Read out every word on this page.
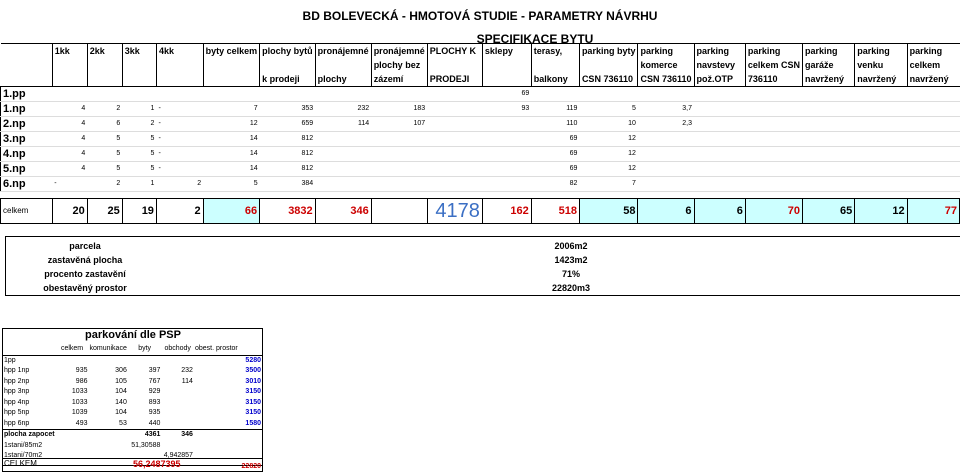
BD BOLEVECKÁ - HMOTOVÁ STUDIE - PARAMETRY NÁVRHU
SPECIFIKACE BYTU
	1kk	2kk	3kk	4kk	byty celkem	plochy bytů	pronájemné	pronájemné	PLOCHY K	sklepy	terasy,	parking byty	parking	parking	parking	parking	parking	parking
								plochy bez					komerce	navstevy	celkem CSN	garáže	venku	celkem
						k prodeji	plochy	zázemí	PRODEJI		balkony	CSN 736110	CSN 736110	pož.OTP	736110	navržený	navržený	navržený
1.pp										69								
1.np	4	2	1	-	7	353	232	183		93	119	5	3,7					
2.np	4	6	2	-	12	659	114	107			110	10	2,3					
3.np	4	5	5	-	14	812					69	12						
4.np	4	5	5	-	14	812					69	12						
5.np	4	5	5	-	14	812					69	12						
6.np	-	2	1	2	5	384					82	7						

celkem	20	25	19	2	66	3832	346		4178	162	518	58	6	6	70	65	12	77
parcela	2006m2
zastavěná plocha	1423m2
procento zastavění	71%
obestavěný prostor	22820m3
parkování dle PSP
	celkem	komunikace	byty	obchody	obest. prostor	
1pp						5280
hpp 1np	935	306	397	232		3500
hpp 2np	986	105	767	114		3010
hpp 3np	1033	104	929			3150
hpp 4np	1033	140	893			3150
hpp 5np	1039	104	935			3150
hpp 6np	493	53	440			1580
plocha zapocet			4361	346		
1stani/85m2			51,30588			
1stani/70m2				4,942857		
						22820
CELKEM	56,2487395
